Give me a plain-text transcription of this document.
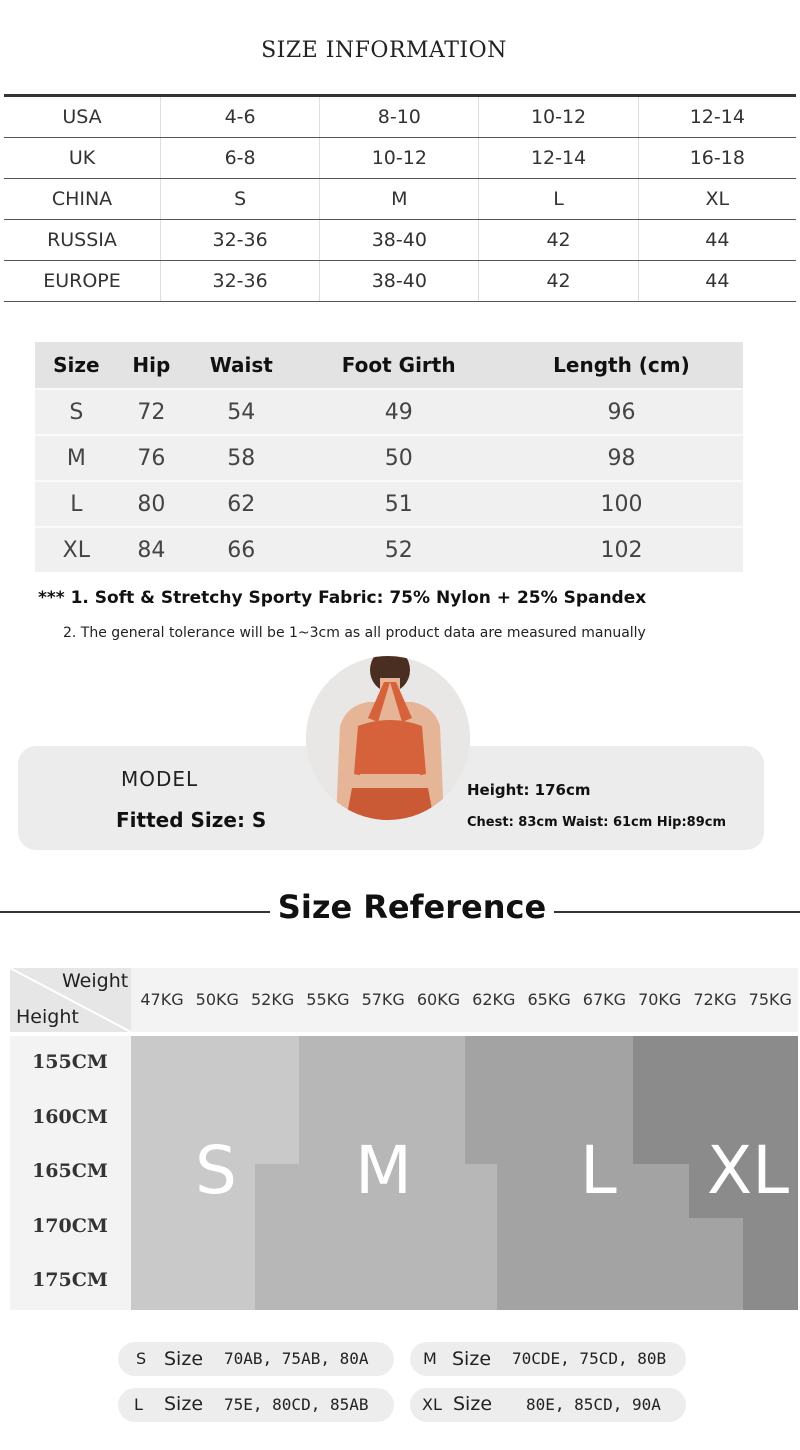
SIZE INFORMATION
USA	4-6	8-10	10-12	12-14
UK	6-8	10-12	12-14	16-18
CHINA	S	M	L	XL
RUSSIA	32-36	38-40	42	44
EUROPE	32-36	38-40	42	44
Size	Hip	Waist	Foot Girth	Length (cm)
S	72	54	49	96
M	76	58	50	98
L	80	62	51	100
XL	84	66	52	102
*** 1. Soft & Stretchy Sporty Fabric: 75% Nylon + 25% Spandex
2. The general tolerance will be 1~3cm as all product data are measured manually
MODEL
Fitted Size: S
Height: 176cm
Chest: 83cm Waist: 61cm Hip:89cm
Size Reference
Weight
Height
47KG 50KG 52KG 55KG 57KG 60KG 62KG 65KG 67KG 70KG 72KG 75KG
155CM
160CM
165CM
170CM
175CM
S M	L XL
S Size 70AB, 75AB, 80A	M Size 70CDE, 75CD, 80B
L Size 75E, 80CD, 85AB	XL Size 80E, 85CD, 90A
